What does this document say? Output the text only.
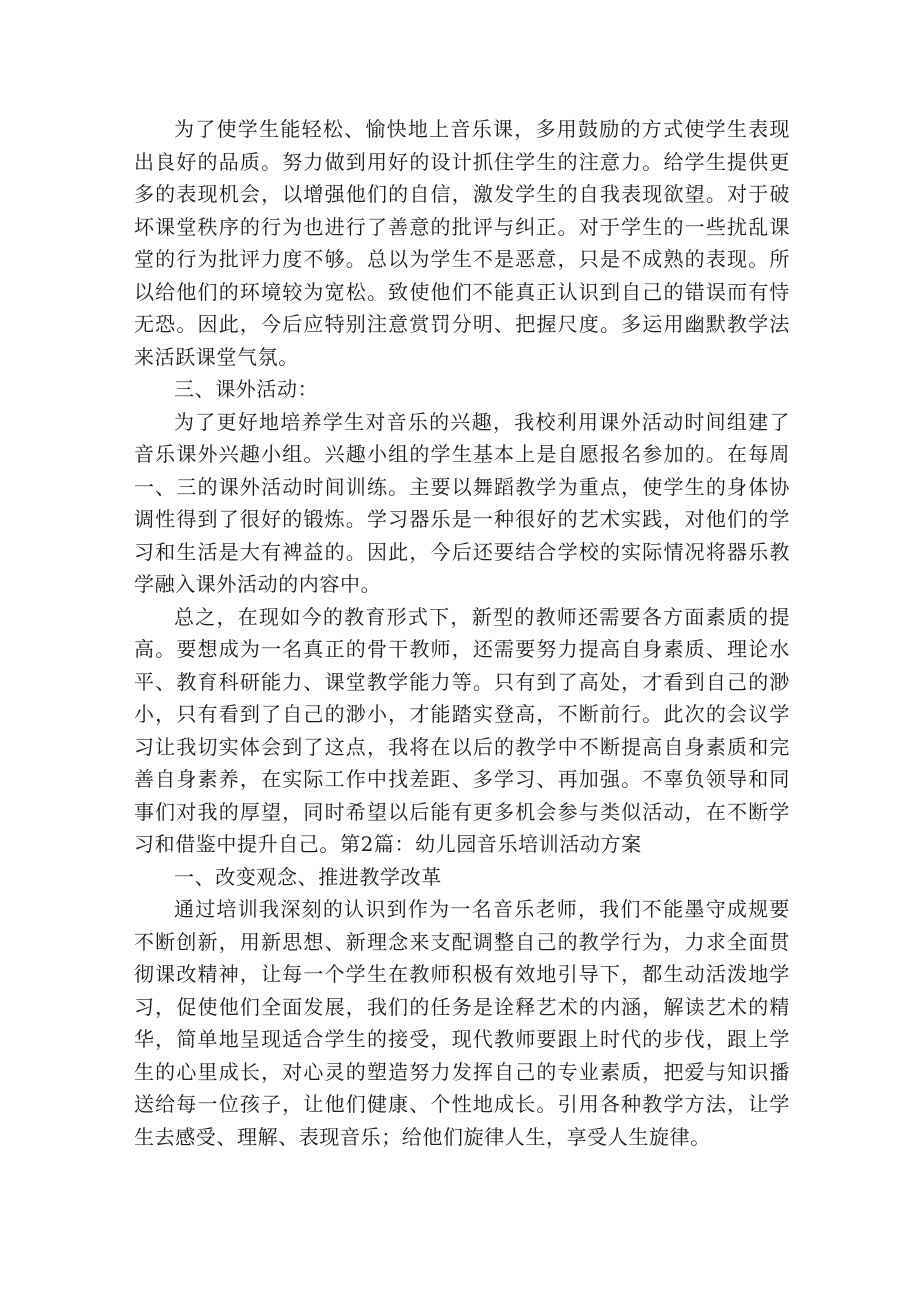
为了使学生能轻松、愉快地上音乐课，多用鼓励的方式使学生表现出良好的品质。努力做到用好的设计抓住学生的注意力。给学生提供更多的表现机会，以增强他们的自信，激发学生的自我表现欲望。对于破坏课堂秩序的行为也进行了善意的批评与纠正。对于学生的一些扰乱课堂的行为批评力度不够。总以为学生不是恶意，只是不成熟的表现。所以给他们的环境较为宽松。致使他们不能真正认识到自己的错误而有恃无恐。因此，今后应特别注意赏罚分明、把握尺度。多运用幽默教学法来活跃课堂气氛。

三、课外活动：

为了更好地培养学生对音乐的兴趣，我校利用课外活动时间组建了音乐课外兴趣小组。兴趣小组的学生基本上是自愿报名参加的。在每周一、三的课外活动时间训练。主要以舞蹈教学为重点，使学生的身体协调性得到了很好的锻炼。学习器乐是一种很好的艺术实践，对他们的学习和生活是大有裨益的。因此，今后还要结合学校的实际情况将器乐教学融入课外活动的内容中。

总之，在现如今的教育形式下，新型的教师还需要各方面素质的提高。要想成为一名真正的骨干教师，还需要努力提高自身素质、理论水平、教育科研能力、课堂教学能力等。只有到了高处，才看到自己的渺小，只有看到了自己的渺小，才能踏实登高，不断前行。此次的会议学习让我切实体会到了这点，我将在以后的教学中不断提高自身素质和完善自身素养，在实际工作中找差距、多学习、再加强。不辜负领导和同事们对我的厚望，同时希望以后能有更多机会参与类似活动，在不断学习和借鉴中提升自己。第2篇：幼儿园音乐培训活动方案

一、改变观念、推进教学改革

通过培训我深刻的认识到作为一名音乐老师，我们不能墨守成规要不断创新，用新思想、新理念来支配调整自己的教学行为，力求全面贯彻课改精神，让每一个学生在教师积极有效地引导下，都生动活泼地学习，促使他们全面发展，我们的任务是诠释艺术的内涵，解读艺术的精华，简单地呈现适合学生的接受，现代教师要跟上时代的步伐，跟上学生的心里成长，对心灵的塑造努力发挥自己的专业素质，把爱与知识播送给每一位孩子，让他们健康、个性地成长。引用各种教学方法，让学生去感受、理解、表现音乐；给他们旋律人生，享受人生旋律。
